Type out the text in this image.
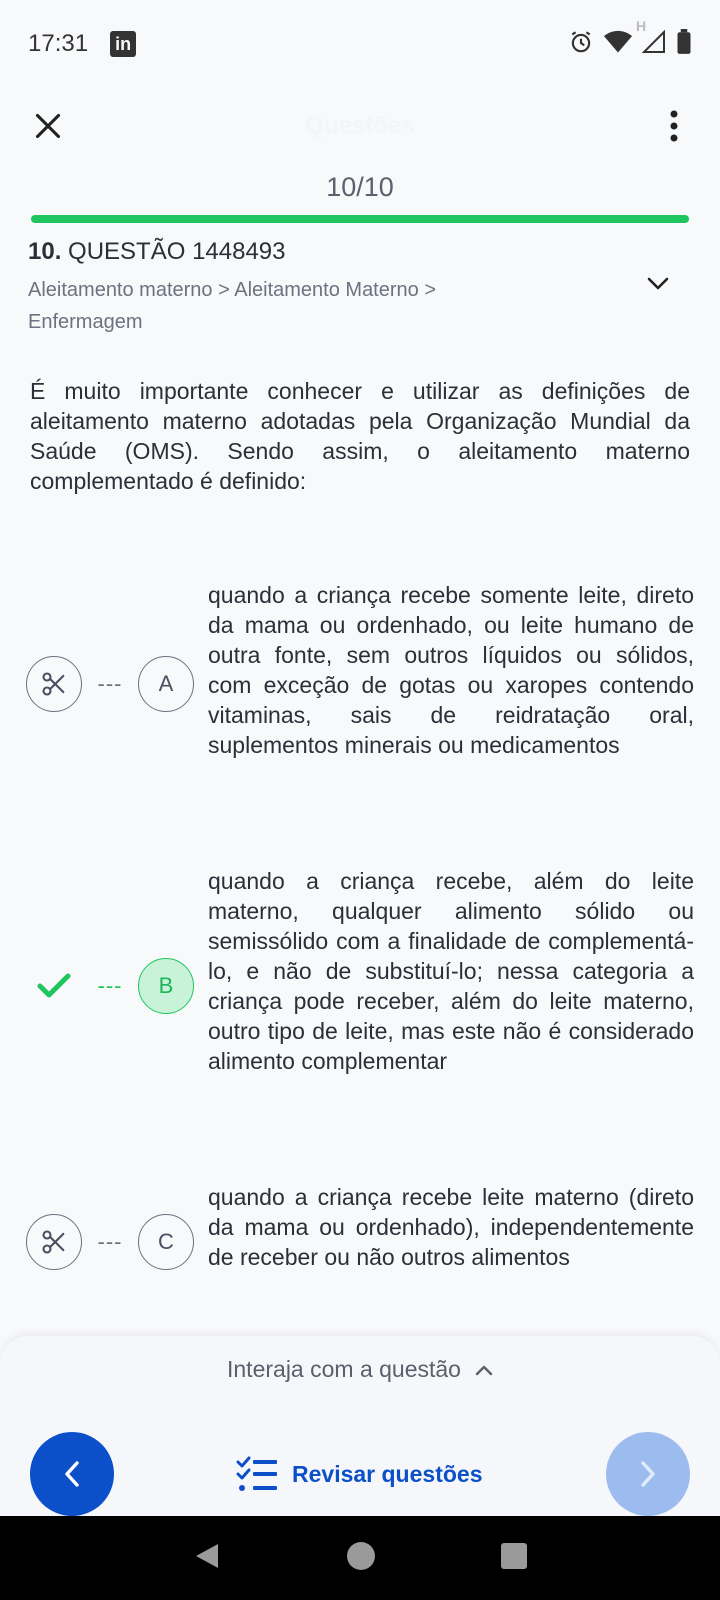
17:31 in
H
Questões
10/10
10. QUESTÃO 1448493
Aleitamento materno > Aleitamento Materno >
Enfermagem
É muito importante conhecer e utilizar as definições de aleitamento materno adotadas pela Organização Mundial da Saúde (OMS). Sendo assim, o aleitamento materno complementado é definido:
---	A
quando a criança recebe somente leite, direto da mama ou ordenhado, ou leite humano de outra fonte, sem outros líquidos ou sólidos, com exceção de gotas ou xaropes contendo vitaminas, sais de reidratação oral, suplementos minerais ou medicamentos
---	B
quando a criança recebe, além do leite materno, qualquer alimento sólido ou semissólido com a finalidade de complementá-lo, e não de substituí-lo; nessa categoria a criança pode receber, além do leite materno, outro tipo de leite, mas este não é considerado alimento complementar
---	C
quando a criança recebe leite materno (direto da mama ou ordenhado), independentemente de receber ou não outros alimentos
Interaja com a questão
Revisar questões
